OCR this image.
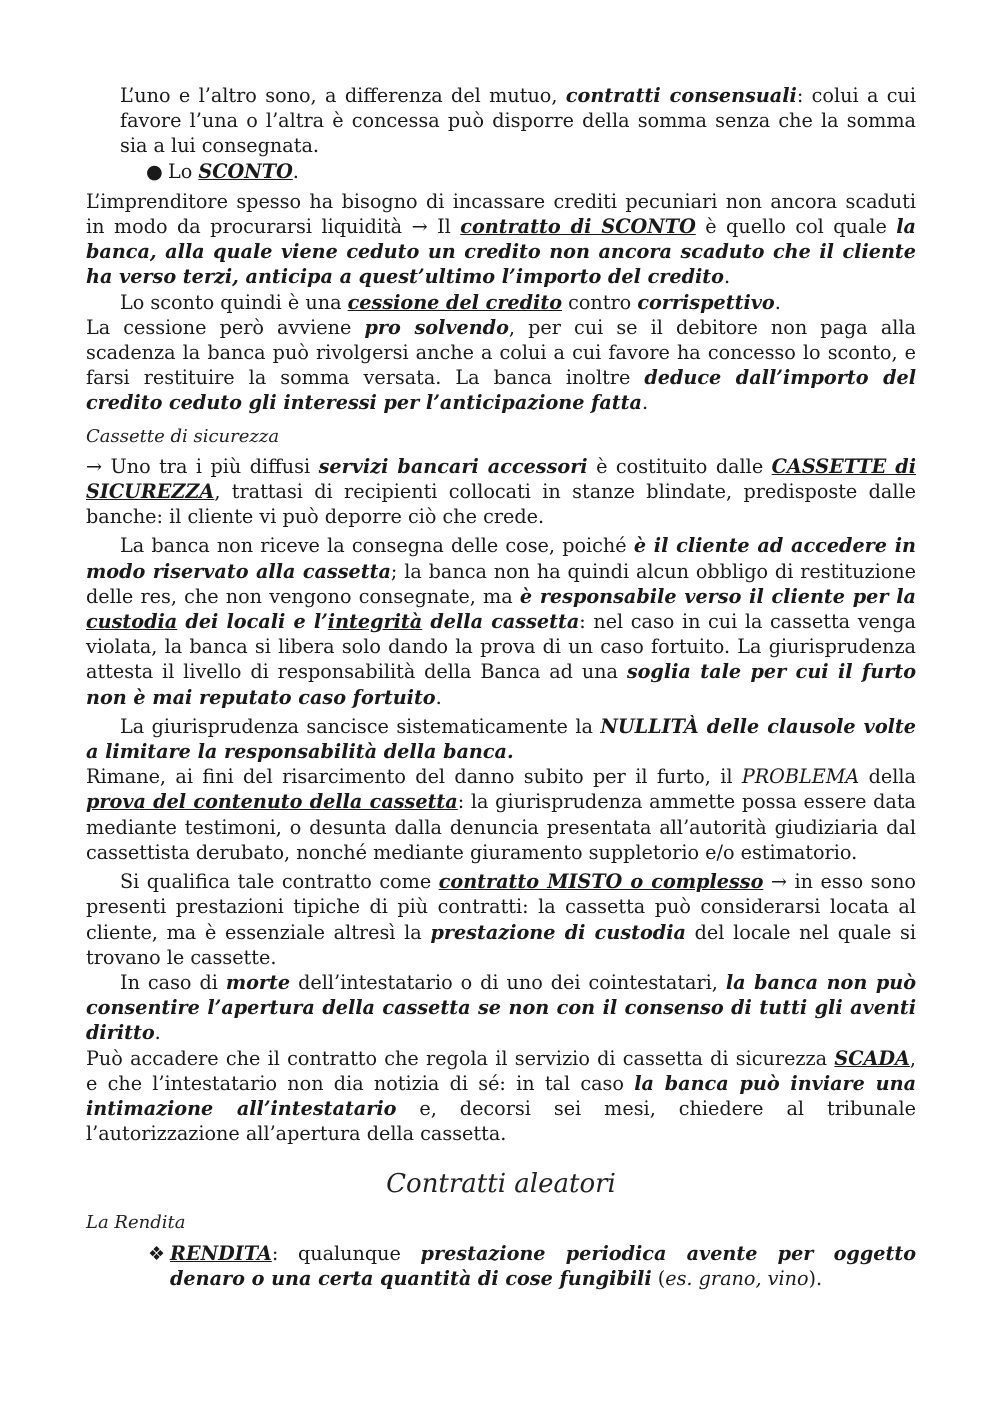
L’uno e l’altro sono, a differenza del mutuo, contratti consensuali: colui a cui favore l’una o l’altra è concessa può disporre della somma senza che la somma sia a lui consegnata.

● Lo SCONTO.

L’imprenditore spesso ha bisogno di incassare crediti pecuniari non ancora scaduti in modo da procurarsi liquidità → Il contratto di SCONTO è quello col quale la banca, alla quale viene ceduto un credito non ancora scaduto che il cliente ha verso terzi, anticipa a quest’ultimo l’importo del credito.

Lo sconto quindi è una cessione del credito contro corrispettivo.

La cessione però avviene pro solvendo, per cui se il debitore non paga alla scadenza la banca può rivolgersi anche a colui a cui favore ha concesso lo sconto, e farsi restituire la somma versata. La banca inoltre deduce dall’importo del credito ceduto gli interessi per l’anticipazione fatta.

Cassette di sicurezza

→ Uno tra i più diffusi servizi bancari accessori è costituito dalle CASSETTE di SICUREZZA, trattasi di recipienti collocati in stanze blindate, predisposte dalle banche: il cliente vi può deporre ciò che crede.

La banca non riceve la consegna delle cose, poiché è il cliente ad accedere in modo riservato alla cassetta; la banca non ha quindi alcun obbligo di restituzione delle res, che non vengono consegnate, ma è responsabile verso il cliente per la custodia dei locali e l’integrità della cassetta: nel caso in cui la cassetta venga violata, la banca si libera solo dando la prova di un caso fortuito. La giurisprudenza attesta il livello di responsabilità della Banca ad una soglia tale per cui il furto non è mai reputato caso fortuito.

La giurisprudenza sancisce sistematicamente la NULLITÀ delle clausole volte a limitare la responsabilità della banca.

Rimane, ai fini del risarcimento del danno subito per il furto, il PROBLEMA della prova del contenuto della cassetta: la giurisprudenza ammette possa essere data mediante testimoni, o desunta dalla denuncia presentata all’autorità giudiziaria dal cassettista derubato, nonché mediante giuramento suppletorio e/o estimatorio.

Si qualifica tale contratto come contratto MISTO o complesso → in esso sono presenti prestazioni tipiche di più contratti: la cassetta può considerarsi locata al cliente, ma è essenziale altresì la prestazione di custodia del locale nel quale si trovano le cassette.

In caso di morte dell’intestatario o di uno dei cointestatari, la banca non può consentire l’apertura della cassetta se non con il consenso di tutti gli aventi diritto.

Può accadere che il contratto che regola il servizio di cassetta di sicurezza SCADA, e che l’intestatario non dia notizia di sé: in tal caso la banca può inviare una intimazione all’intestatario e, decorsi sei mesi, chiedere al tribunale l’autorizzazione all’apertura della cassetta.

Contratti aleatori
La Rendita

❖ RENDITA: qualunque prestazione periodica avente per oggetto denaro o una certa quantità di cose fungibili (es. grano, vino).
